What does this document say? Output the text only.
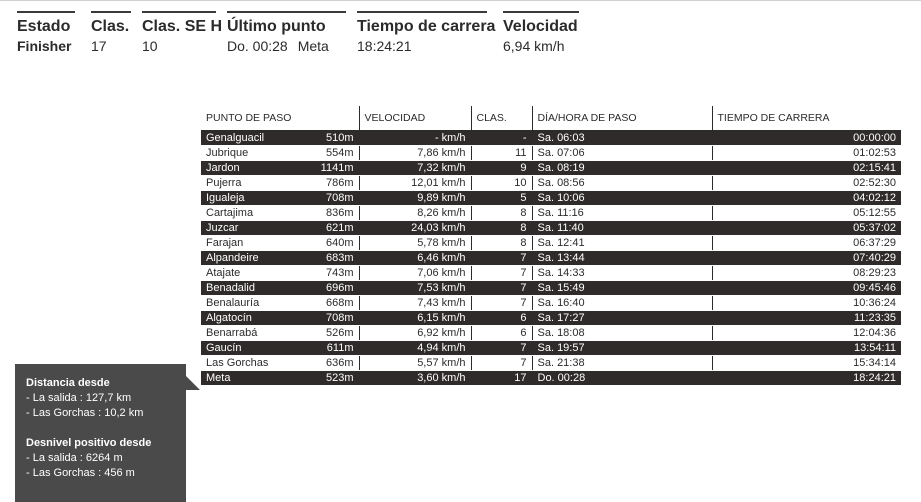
Estado
Finisher
Clas.
17
Clas. SE H
10
Último punto
Do. 00:28 Meta
Tiempo de carrera
18:24:21
Velocidad
6,94 km/h
PUNTO DE PASO	VELOCIDAD	CLAS.	DÍA/HORA DE PASO	TIEMPO DE CARRERA

Genalguacil 510m	- km/h	-	Sa. 06:03	00:00:00

Jubrique 554m	7,86 km/h	11	Sa. 07:06	01:02:53

Jardon 1141m	7,32 km/h	9	Sa. 08:19	02:15:41

Pujerra 786m	12,01 km/h	10	Sa. 08:56	02:52:30

Igualeja 708m	9,89 km/h	5	Sa. 10:06	04:02:12

Cartajima 836m	8,26 km/h	8	Sa. 11:16	05:12:55

Juzcar 621m	24,03 km/h	8	Sa. 11:40	05:37:02

Farajan 640m	5,78 km/h	8	Sa. 12:41	06:37:29

Alpandeire 683m	6,46 km/h	7	Sa. 13:44	07:40:29

Atajate 743m	7,06 km/h	7	Sa. 14:33	08:29:23

Benadalid 696m	7,53 km/h	7	Sa. 15:49	09:45:46

Benalauría 668m	7,43 km/h	7	Sa. 16:40	10:36:24

Algatocín 708m	6,15 km/h	6	Sa. 17:27	11:23:35

Benarrabá 526m	6,92 km/h	6	Sa. 18:08	12:04:36

Gaucín 611m	4,94 km/h	7	Sa. 19:57	13:54:11

Las Gorchas 636m	5,57 km/h	7	Sa. 21:38	15:34:14

Meta 523m	3,60 km/h	17	Do. 00:28	18:24:21
Distancia desde
- La salida : 127,7 km
- Las Gorchas : 10,2 km
Desnivel positivo desde
- La salida : 6264 m
- Las Gorchas : 456 m
